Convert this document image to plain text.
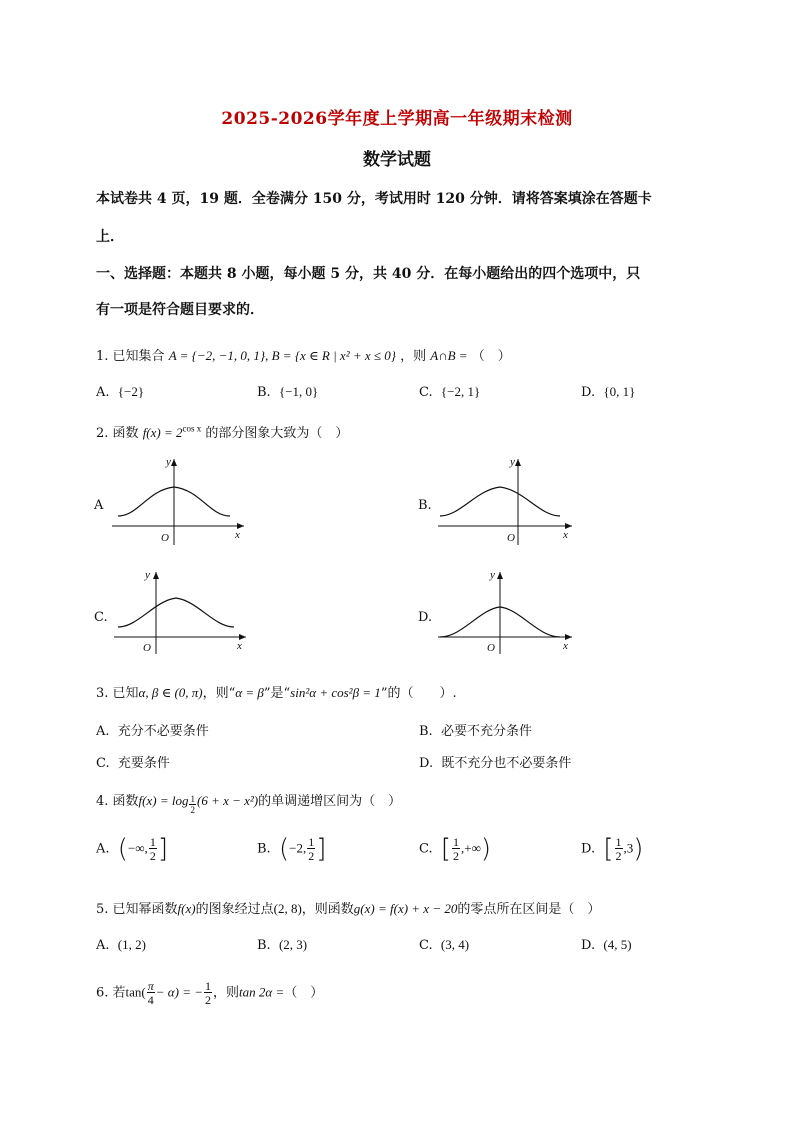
2025-2026学年度上学期高一年级期末检测
数学试题
本试卷共 4 页，19 题．全卷满分 150 分，考试用时 120 分钟．请将答案填涂在答题卡
上．
一、选择题：本题共 8 小题，每小题 5 分，共 40 分．在每小题给出的四个选项中，只
有一项是符合题目要求的．
1. 已知集合 A = {−2, −1, 0, 1}, B = {x ∈ R | x² + x ≤ 0} ，则 A∩B = （　）
A. {−2}	B. {−1, 0}	C. {−2, 1}	D. {0, 1}
2. 函数 $f(x) = 2^{cos x}$ 的部分图象大致为（　）
A
y
x
O
B.
y
x
O
C.
y
x
O
D.
y
x
O
3. 已知α, β ∈ (0, π)，则“α = β”是“sin²α + cos²β = 1”的（　　）.
A. 充分不必要条件	B. 必要不充分条件
C. 充要条件	D. 既不充分也不必要条件
4. 函数$f(x) = \log \frac{1}{2} (6 + x - x^2)$的单调递增区间为（　）
A. (−∞, $\frac{1}{2}$ ]	B. (−2, $\frac{1}{2}$ ]	C. [ $\frac{1}{2}$ ,+∞)	D. [ $\frac{1}{2} ,3$)
5. 已知幂函数f(x)的图象经过点(2, 8)，则函数g(x) = f(x) + x − 20的零点所在区间是（　）
A. (1, 2)	B. (2, 3)	C. (3, 4)	D. (4, 5)
6. 若$\tan( \frac{\pi}{4} - \alpha)$ = − $\frac{1}{2}$ ，则tan 2α =（　）
